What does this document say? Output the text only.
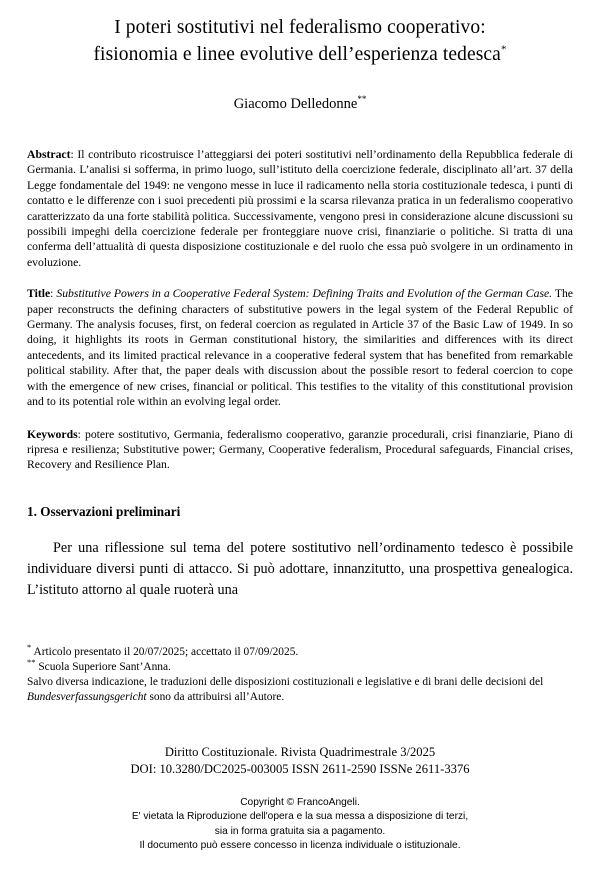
I poteri sostitutivi nel federalismo cooperativo:
fisionomia e linee evolutive dell’esperienza tedesca*
Giacomo Delledonne**

Abstract: Il contributo ricostruisce l’atteggiarsi dei poteri sostitutivi nell’ordinamento della Repubblica federale di Germania. L’analisi si sofferma, in primo luogo, sull’istituto della coercizione federale, disciplinato all’art. 37 della Legge fondamentale del 1949: ne vengono messe in luce il radicamento nella storia costituzionale tedesca, i punti di contatto e le differenze con i suoi precedenti più prossimi e la scarsa rilevanza pratica in un federalismo cooperativo caratterizzato da una forte stabilità politica. Successivamente, vengono presi in considerazione alcune discussioni su possibili impeghi della coercizione federale per fronteggiare nuove crisi, finanziarie o politiche. Si tratta di una conferma dell’attualità di questa disposizione costituzionale e del ruolo che essa può svolgere in un ordinamento in evoluzione.

Title: Substitutive Powers in a Cooperative Federal System: Defining Traits and Evolution of the German Case. The paper reconstructs the defining characters of substitutive powers in the legal system of the Federal Republic of Germany. The analysis focuses, first, on federal coercion as regulated in Article 37 of the Basic Law of 1949. In so doing, it highlights its roots in German constitutional history, the similarities and differences with its direct antecedents, and its limited practical relevance in a cooperative federal system that has benefited from remarkable political stability. After that, the paper deals with discussion about the possible resort to federal coercion to cope with the emergence of new crises, financial or political. This testifies to the vitality of this constitutional provision and to its potential role within an evolving legal order.

Keywords: potere sostitutivo, Germania, federalismo cooperativo, garanzie procedurali, crisi finanziarie, Piano di ripresa e resilienza; Substitutive power; Germany, Cooperative federalism, Procedural safeguards, Financial crises, Recovery and Resilience Plan.

1. Osservazioni preliminari

Per una riflessione sul tema del potere sostitutivo nell’ordinamento tedesco è possibile individuare diversi punti di attacco. Si può adottare, innanzitutto, una prospettiva genealogica. L’istituto attorno al quale ruoterà una

* Articolo presentato il 20/07/2025; accettato il 07/09/2025.
** Scuola Superiore Sant’Anna.
Salvo diversa indicazione, le traduzioni delle disposizioni costituzionali e legislative e di brani delle decisioni del Bundesverfassungsgericht sono da attribuirsi all’Autore.
Diritto Costituzionale. Rivista Quadrimestrale 3/2025
DOI: 10.3280/DC2025-003005 ISSN 2611-2590 ISSNe 2611-3376
Copyright © FrancoAngeli.
E' vietata la Riproduzione dell'opera e la sua messa a disposizione di terzi,
sia in forma gratuita sia a pagamento.
Il documento può essere concesso in licenza individuale o istituzionale.
